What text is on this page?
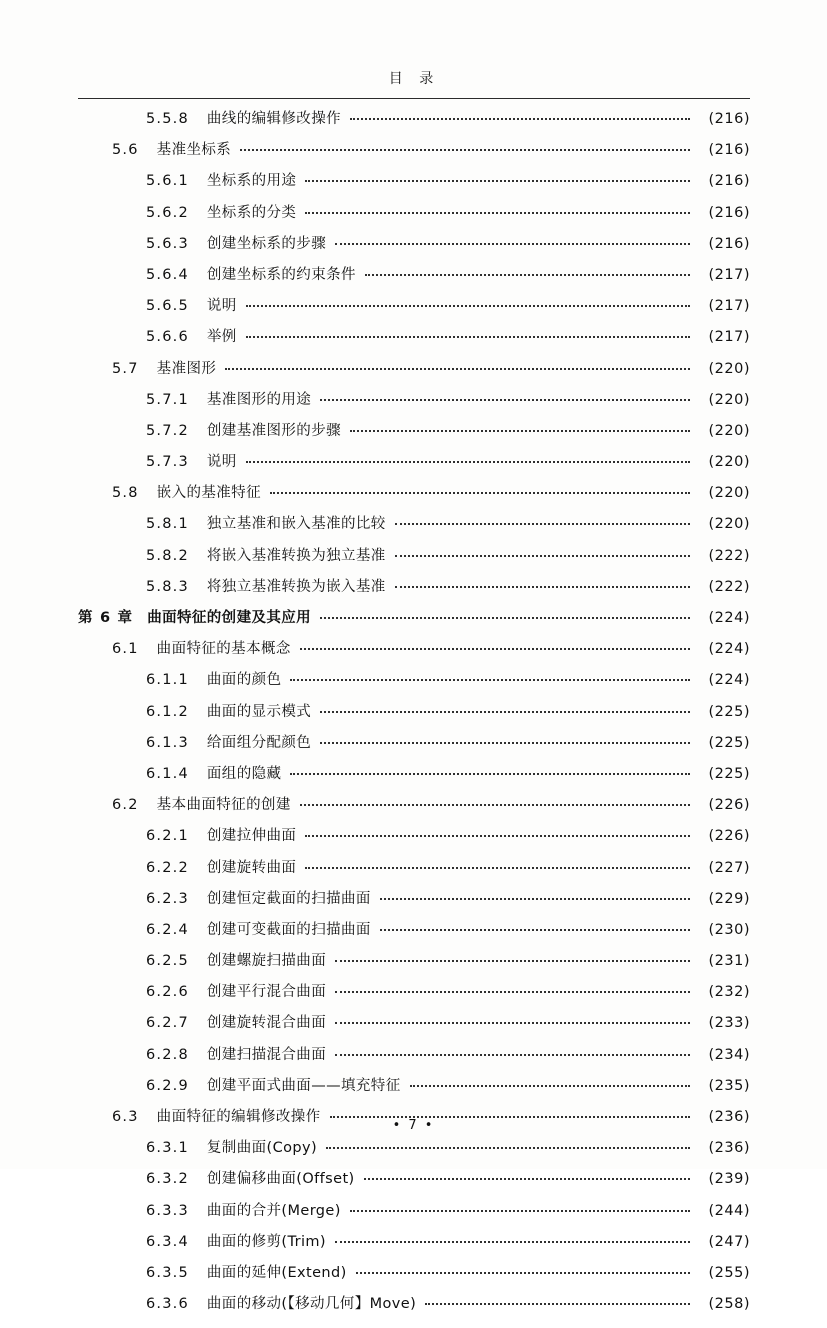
目 录
5.5.8	曲线的编辑修改操作	(216)
5.6	基准坐标系	(216)
5.6.1	坐标系的用途	(216)
5.6.2	坐标系的分类	(216)
5.6.3	创建坐标系的步骤	(216)
5.6.4	创建坐标系的约束条件	(217)
5.6.5	说明	(217)
5.6.6	举例	(217)
5.7	基准图形	(220)
5.7.1	基准图形的用途	(220)
5.7.2	创建基准图形的步骤	(220)
5.7.3	说明	(220)
5.8	嵌入的基准特征	(220)
5.8.1	独立基准和嵌入基准的比较	(220)
5.8.2	将嵌入基准转换为独立基准	(222)
5.8.3	将独立基准转换为嵌入基准	(222)
第 6 章 曲面特征的创建及其应用	(224)
6.1	曲面特征的基本概念	(224)
6.1.1	曲面的颜色	(224)
6.1.2	曲面的显示模式	(225)
6.1.3	给面组分配颜色	(225)
6.1.4	面组的隐藏	(225)
6.2	基本曲面特征的创建	(226)
6.2.1	创建拉伸曲面	(226)
6.2.2	创建旋转曲面	(227)
6.2.3	创建恒定截面的扫描曲面	(229)
6.2.4	创建可变截面的扫描曲面	(230)
6.2.5	创建螺旋扫描曲面	(231)
6.2.6	创建平行混合曲面	(232)
6.2.7	创建旋转混合曲面	(233)
6.2.8	创建扫描混合曲面	(234)
6.2.9	创建平面式曲面——填充特征	(235)
6.3	曲面特征的编辑修改操作	(236)
6.3.1	复制曲面(Copy)	(236)
6.3.2	创建偏移曲面(Offset)	(239)
6.3.3	曲面的合并(Merge)	(244)
6.3.4	曲面的修剪(Trim)	(247)
6.3.5	曲面的延伸(Extend)	(255)
6.3.6	曲面的移动(【移动几何】Move)	(258)
• 7 •
